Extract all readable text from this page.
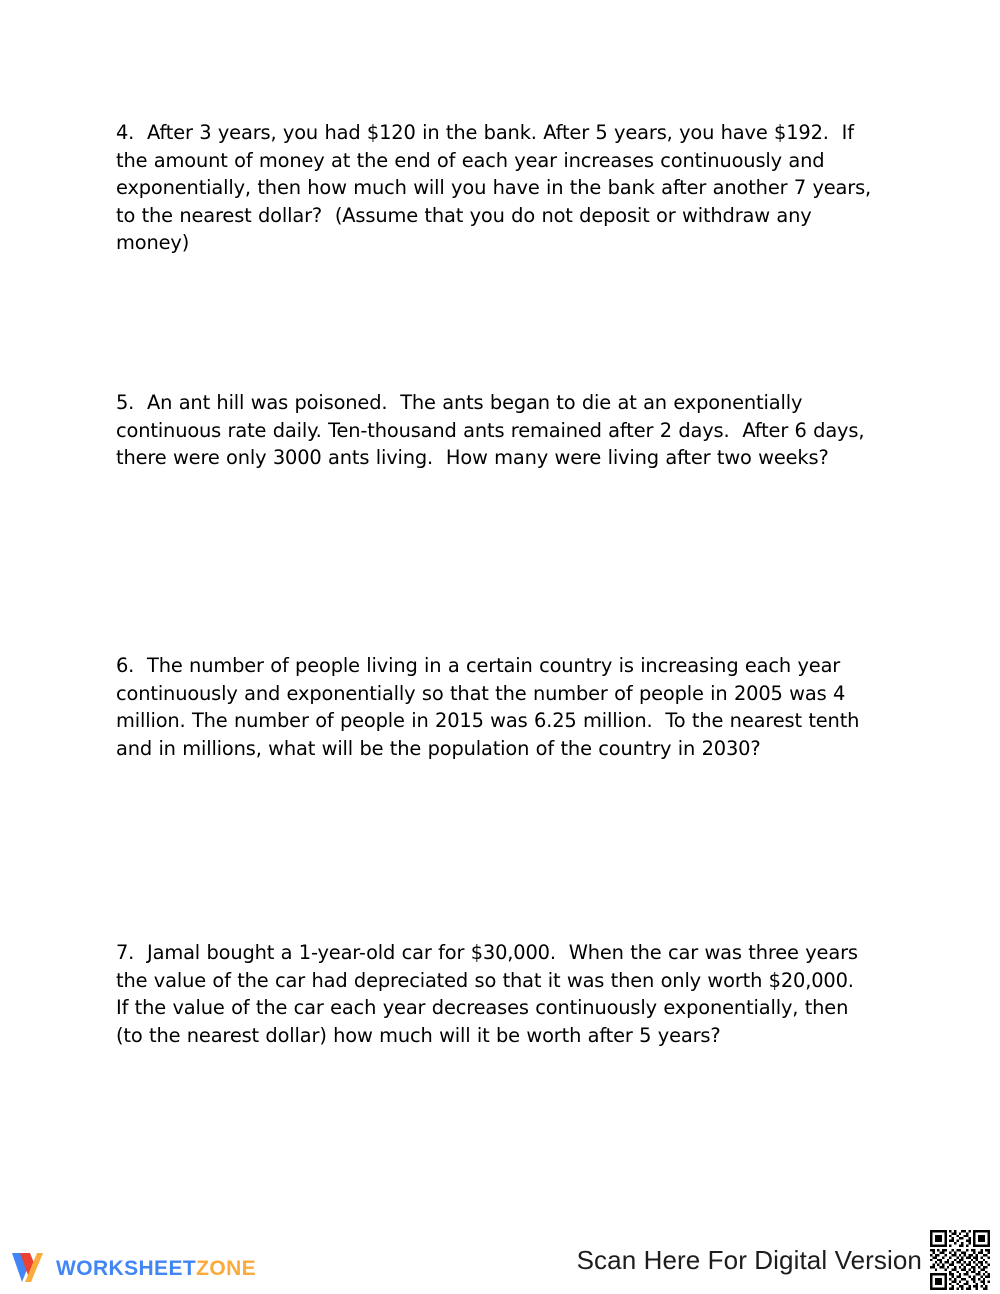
4.  After 3 years, you had $120 in the bank. After 5 years, you have $192.  If the amount of money at the end of each year increases continuously and exponentially, then how much will you have in the bank after another 7 years, to the nearest dollar?  (Assume that you do not deposit or withdraw any money)
5.  An ant hill was poisoned.  The ants began to die at an exponentially continuous rate daily. Ten-thousand ants remained after 2 days.  After 6 days, there were only 3000 ants living.  How many were living after two weeks?
6.  The number of people living in a certain country is increasing each year continuously and exponentially so that the number of people in 2005 was 4 million. The number of people in 2015 was 6.25 million.  To the nearest tenth and in millions, what will be the population of the country in 2030?
7.  Jamal bought a 1-year-old car for $30,000.  When the car was three years the value of the car had depreciated so that it was then only worth $20,000.  If the value of the car each year decreases continuously exponentially, then (to the nearest dollar) how much will it be worth after 5 years?
WORKSHEETZONE	Scan Here For Digital Version
